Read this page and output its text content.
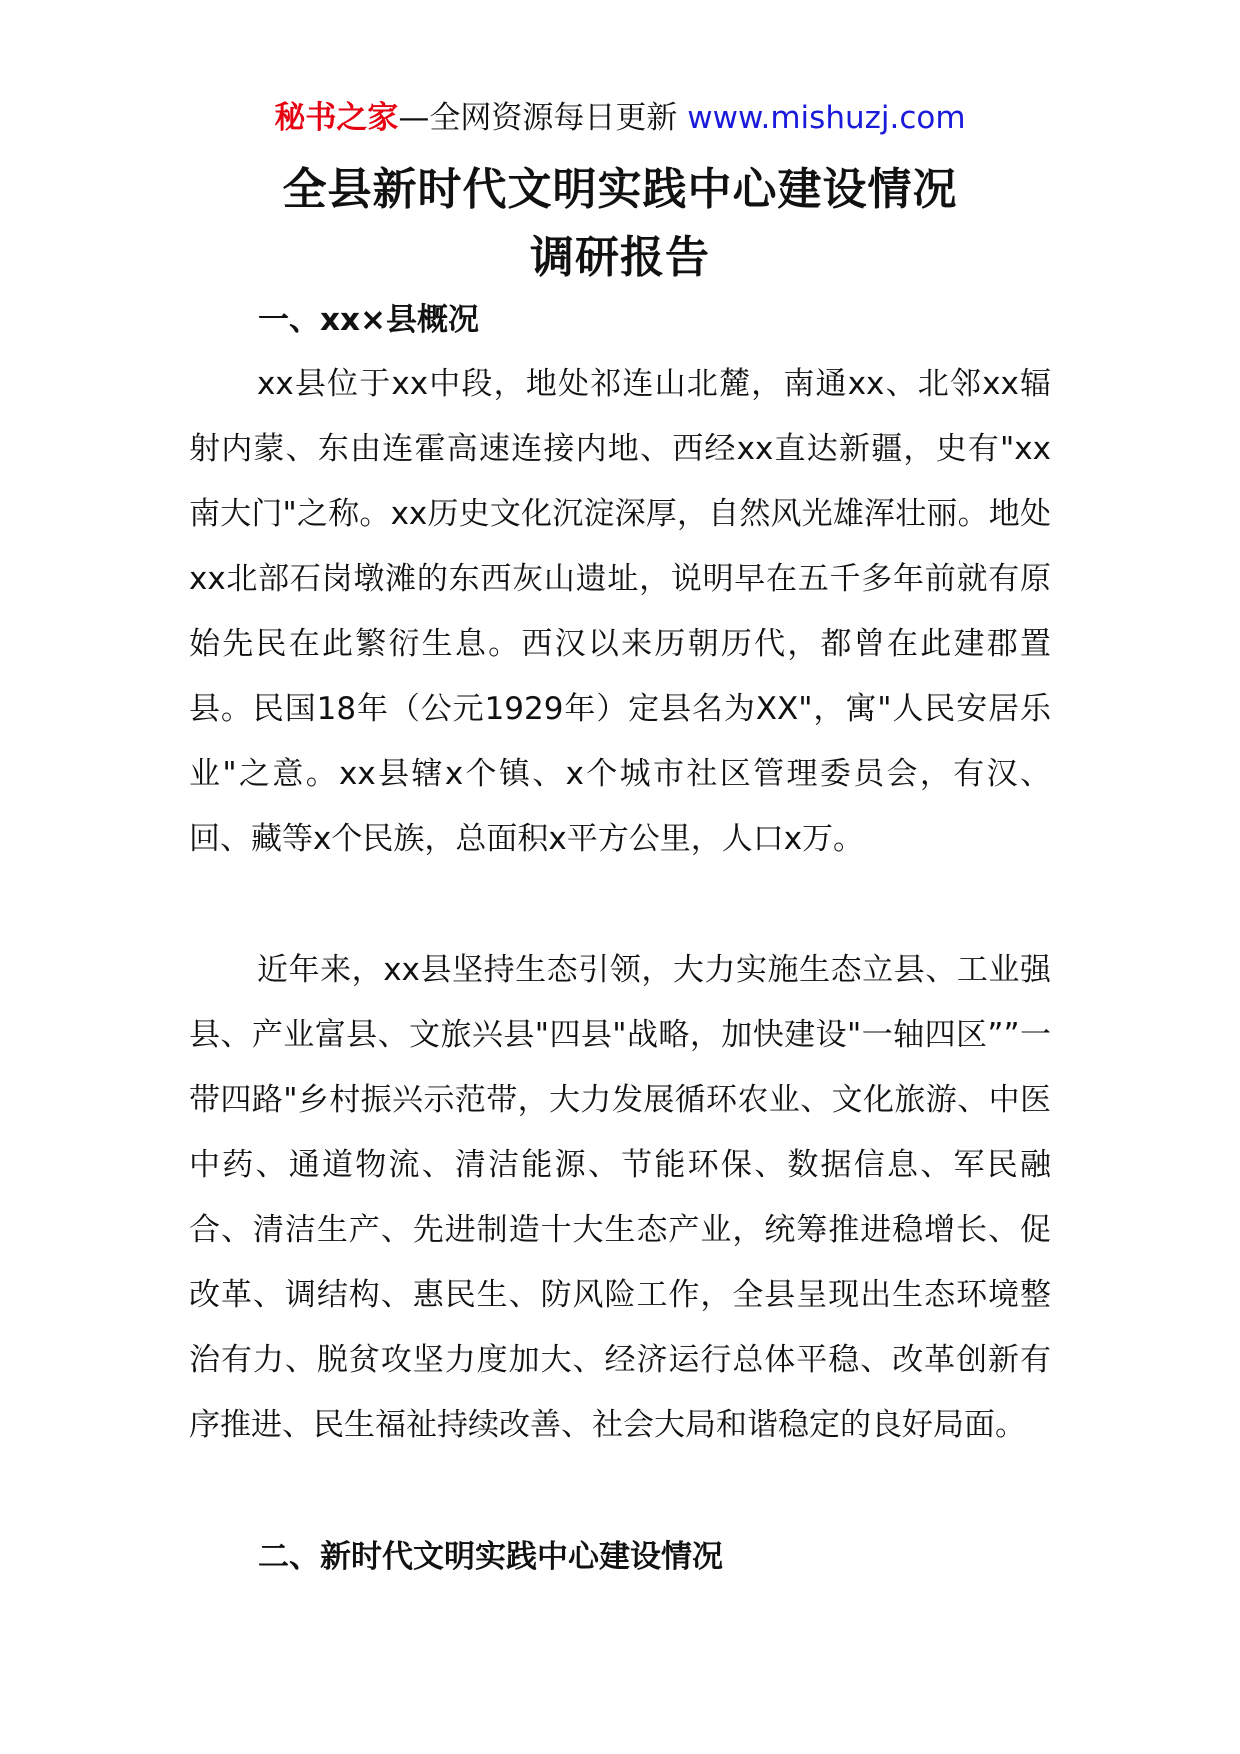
秘书之家—全网资源每日更新 www.mishuzj.com
全县新时代文明实践中心建设情况
调研报告
一、xx×县概况

xx县位于xx中段，地处祁连山北麓，南通xx、北邻xx辐射内蒙、东由连霍高速连接内地、西经xx直达新疆，史有"xx南大门"之称。xx历史文化沉淀深厚，自然风光雄浑壮丽。地处xx北部石岗墩滩的东西灰山遗址，说明早在五千多年前就有原始先民在此繁衍生息。西汉以来历朝历代，都曾在此建郡置县。民国18年（公元1929年）定县名为XX"，寓"人民安居乐业"之意。xx县辖x个镇、x个城市社区管理委员会，有汉、回、藏等x个民族，总面积x平方公里，人口x万。

近年来，xx县坚持生态引领，大力实施生态立县、工业强县、产业富县、文旅兴县"四县"战略，加快建设"一轴四区””一带四路"乡村振兴示范带，大力发展循环农业、文化旅游、中医中药、通道物流、清洁能源、节能环保、数据信息、军民融合、清洁生产、先进制造十大生态产业，统筹推进稳增长、促改革、调结构、惠民生、防风险工作，全县呈现出生态环境整治有力、脱贫攻坚力度加大、经济运行总体平稳、改革创新有序推进、民生福祉持续改善、社会大局和谐稳定的良好局面。

二、新时代文明实践中心建设情况
